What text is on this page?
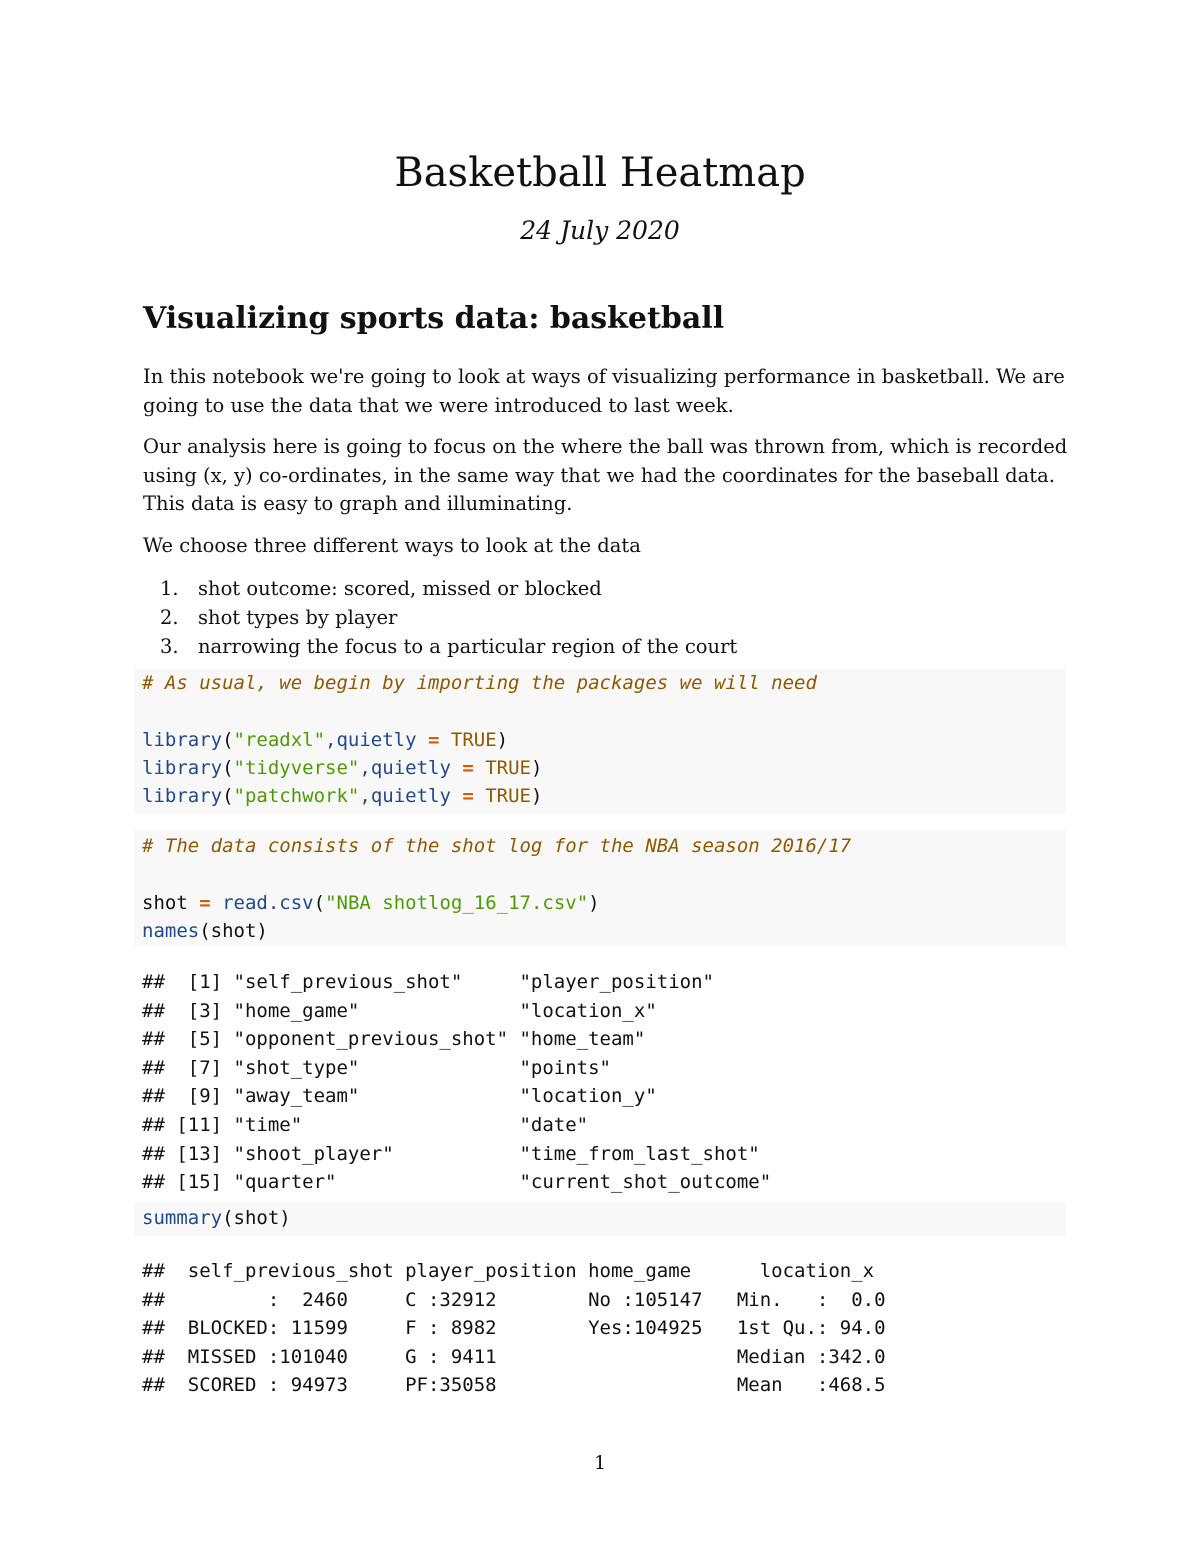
Basketball Heatmap
24 July 2020
Visualizing sports data: basketball
In this notebook we're going to look at ways of visualizing performance in basketball. We are going to use the data that we were introduced to last week.
Our analysis here is going to focus on the where the ball was thrown from, which is recorded using (x, y) co-ordinates, in the same way that we had the coordinates for the baseball data. This data is easy to graph and illuminating.
We choose three different ways to look at the data
1. shot outcome: scored, missed or blocked
2. shot types by player
3. narrowing the focus to a particular region of the court
# As usual, we begin by importing the packages we will need
library("readxl",quietly = TRUE)
library("tidyverse",quietly = TRUE)
library("patchwork",quietly = TRUE)
# The data consists of the shot log for the NBA season 2016/17
shot = read.csv("NBA shotlog_16_17.csv")
names(shot)
##  [1] "self_previous_shot"     "player_position"
##  [3] "home_game"              "location_x"
##  [5] "opponent_previous_shot" "home_team"
##  [7] "shot_type"              "points"
##  [9] "away_team"              "location_y"
## [11] "time"                   "date"
## [13] "shoot_player"           "time_from_last_shot"
## [15] "quarter"                "current_shot_outcome"
summary(shot)
##  self_previous_shot player_position home_game      location_x
##         :  2460     C :32912        No :105147   Min.   :  0.0
##  BLOCKED: 11599     F : 8982        Yes:104925   1st Qu.: 94.0
##  MISSED :101040     G : 9411                     Median :342.0
##  SCORED : 94973     PF:35058                     Mean   :468.5
1
